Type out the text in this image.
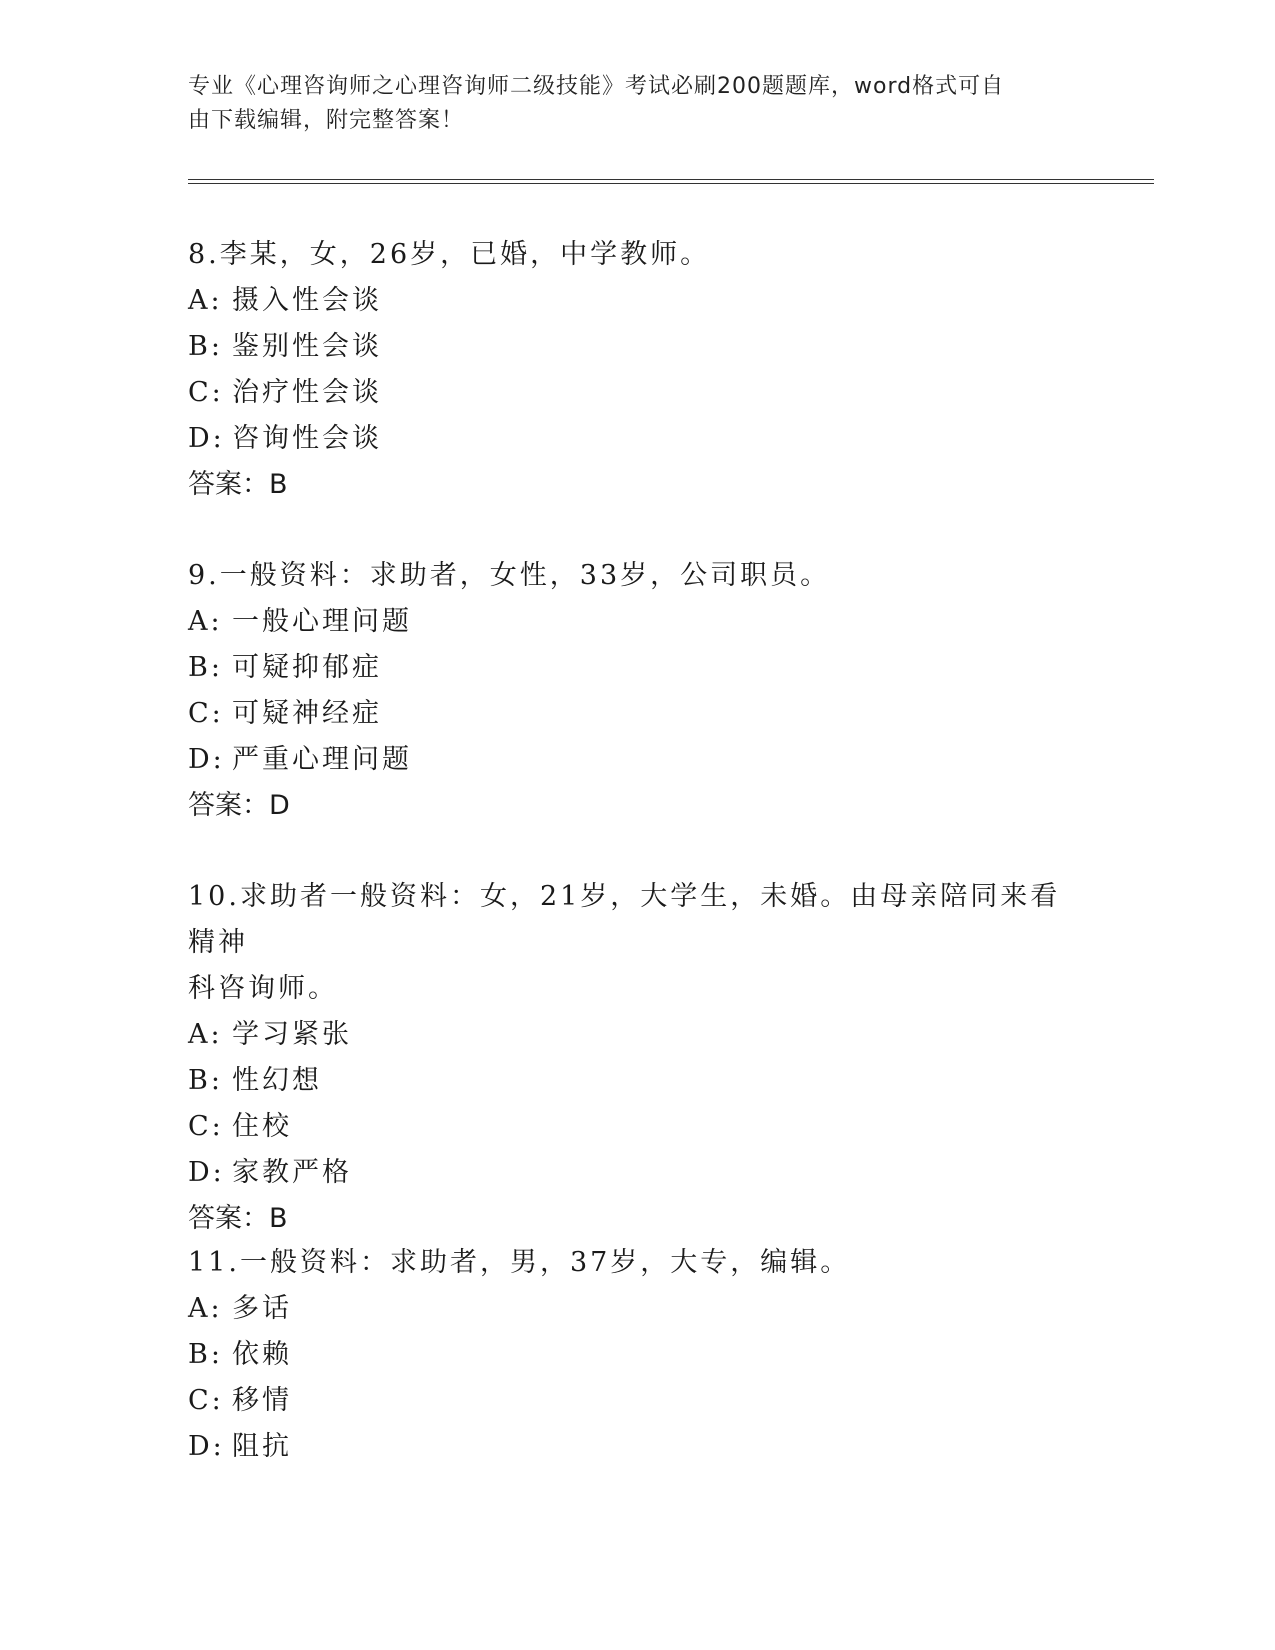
专业《心理咨询师之心理咨询师二级技能》考试必刷200题题库，word格式可自
由下载编辑，附完整答案！

8.李某，女，26岁，已婚，中学教师。

A: 摄入性会谈

B: 鉴别性会谈

C: 治疗性会谈

D: 咨询性会谈

答案：B

9.一般资料：求助者，女性，33岁，公司职员。

A: 一般心理问题

B: 可疑抑郁症

C: 可疑神经症

D: 严重心理问题

答案：D

10.求助者一般资料：女，21岁，大学生，未婚。由母亲陪同来看精神

科咨询师。

A: 学习紧张

B: 性幻想

C: 住校

D: 家教严格

答案：B

11.一般资料：求助者，男，37岁，大专，编辑。

A: 多话

B: 依赖

C: 移情

D: 阻抗
